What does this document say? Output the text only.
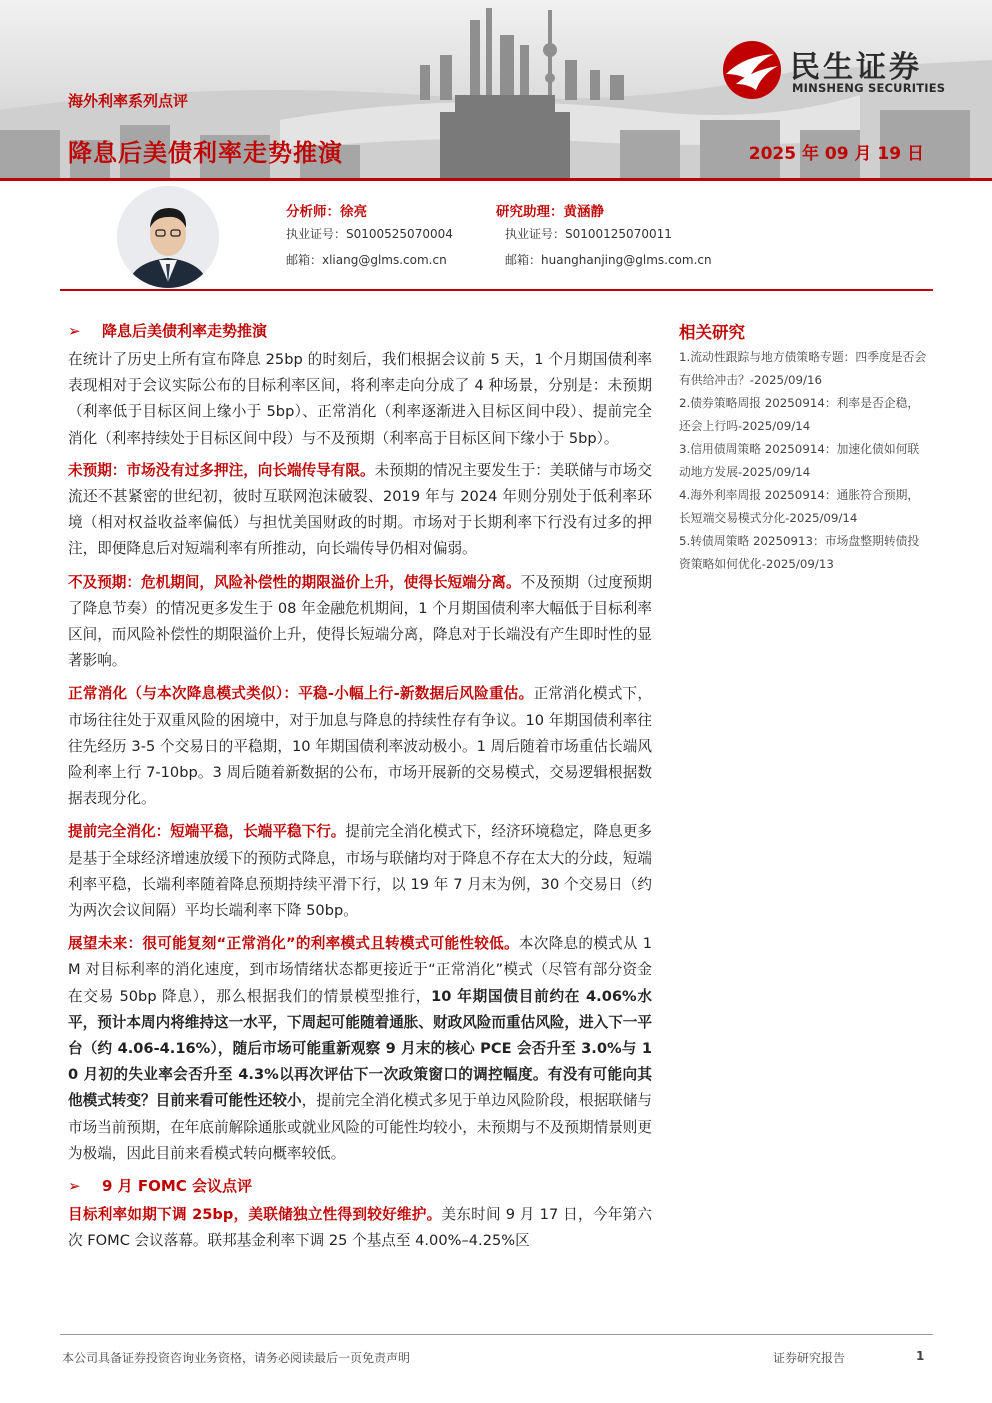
民生证券
MINSHENG SECURITIES
海外利率系列点评
降息后美债利率走势推演	2025 年 09 月 19 日
分析师：徐亮
执业证号：S0100525070004
邮箱：xliang@glms.com.cn
研究助理：黄涵静
执业证号：S0100125070011
邮箱：huanghanjing@glms.com.cn
➢ 降息后美债利率走势推演

在统计了历史上所有宣布降息 25bp 的时刻后，我们根据会议前 5 天，1 个月期国债利率表现相对于会议实际公布的目标利率区间，将利率走向分成了 4 种场景，分别是：未预期（利率低于目标区间上缘小于 5bp）、正常消化（利率逐渐进入目标区间中段）、提前完全消化（利率持续处于目标区间中段）与不及预期（利率高于目标区间下缘小于 5bp）。

未预期：市场没有过多押注，向长端传导有限。未预期的情况主要发生于：美联储与市场交流还不甚紧密的世纪初，彼时互联网泡沫破裂、2019 年与 2024 年则分别处于低利率环境（相对权益收益率偏低）与担忧美国财政的时期。市场对于长期利率下行没有过多的押注，即便降息后对短端利率有所推动，向长端传导仍相对偏弱。

不及预期：危机期间，风险补偿性的期限溢价上升，使得长短端分离。不及预期（过度预期了降息节奏）的情况更多发生于 08 年金融危机期间，1 个月期国债利率大幅低于目标利率区间，而风险补偿性的期限溢价上升，使得长短端分离，降息对于长端没有产生即时性的显著影响。

正常消化（与本次降息模式类似）：平稳-小幅上行-新数据后风险重估。正常消化模式下，市场往往处于双重风险的困境中，对于加息与降息的持续性存有争议。10 年期国债利率往往先经历 3-5 个交易日的平稳期，10 年期国债利率波动极小。1 周后随着市场重估长端风险利率上行 7-10bp。3 周后随着新数据的公布，市场开展新的交易模式，交易逻辑根据数据表现分化。

提前完全消化：短端平稳，长端平稳下行。提前完全消化模式下，经济环境稳定，降息更多是基于全球经济增速放缓下的预防式降息，市场与联储均对于降息不存在太大的分歧，短端利率平稳，长端利率随着降息预期持续平滑下行，以 19 年 7 月末为例，30 个交易日（约为两次会议间隔）平均长端利率下降 50bp。

展望未来：很可能复刻“正常消化”的利率模式且转模式可能性较低。本次降息的模式从 1M 对目标利率的消化速度，到市场情绪状态都更接近于“正常消化”模式（尽管有部分资金在交易 50bp 降息），那么根据我们的情景模型推行，10 年期国债目前约在 4.06%水平，预计本周内将维持这一水平，下周起可能随着通胀、财政风险而重估风险，进入下一平台（约 4.06-4.16%），随后市场可能重新观察 9 月末的核心 PCE 会否升至 3.0%与 10 月初的失业率会否升至 4.3%以再次评估下一次政策窗口的调控幅度。有没有可能向其他模式转变？目前来看可能性还较小，提前完全消化模式多见于单边风险阶段，根据联储与市场当前预期，在年底前解除通胀或就业风险的可能性均较小，未预期与不及预期情景则更为极端，因此目前来看模式转向概率较低。

➢ 9 月 FOMC 会议点评

目标利率如期下调 25bp，美联储独立性得到较好维护。美东时间 9 月 17 日，今年第六次 FOMC 会议落幕。联邦基金利率下调 25 个基点至 4.00%–4.25%区

相关研究
1.流动性跟踪与地方债策略专题：四季度是否会有供给冲击？-2025/09/16
2.债券策略周报 20250914：利率是否企稳，还会上行吗-2025/09/14
3.信用债周策略 20250914：加速化债如何联动地方发展-2025/09/14
4.海外利率周报 20250914：通胀符合预期，长短端交易模式分化-2025/09/14
5.转债周策略 20250913：市场盘整期转债投资策略如何优化-2025/09/13
本公司具备证券投资咨询业务资格，请务必阅读最后一页免责声明	证券研究报告	1
